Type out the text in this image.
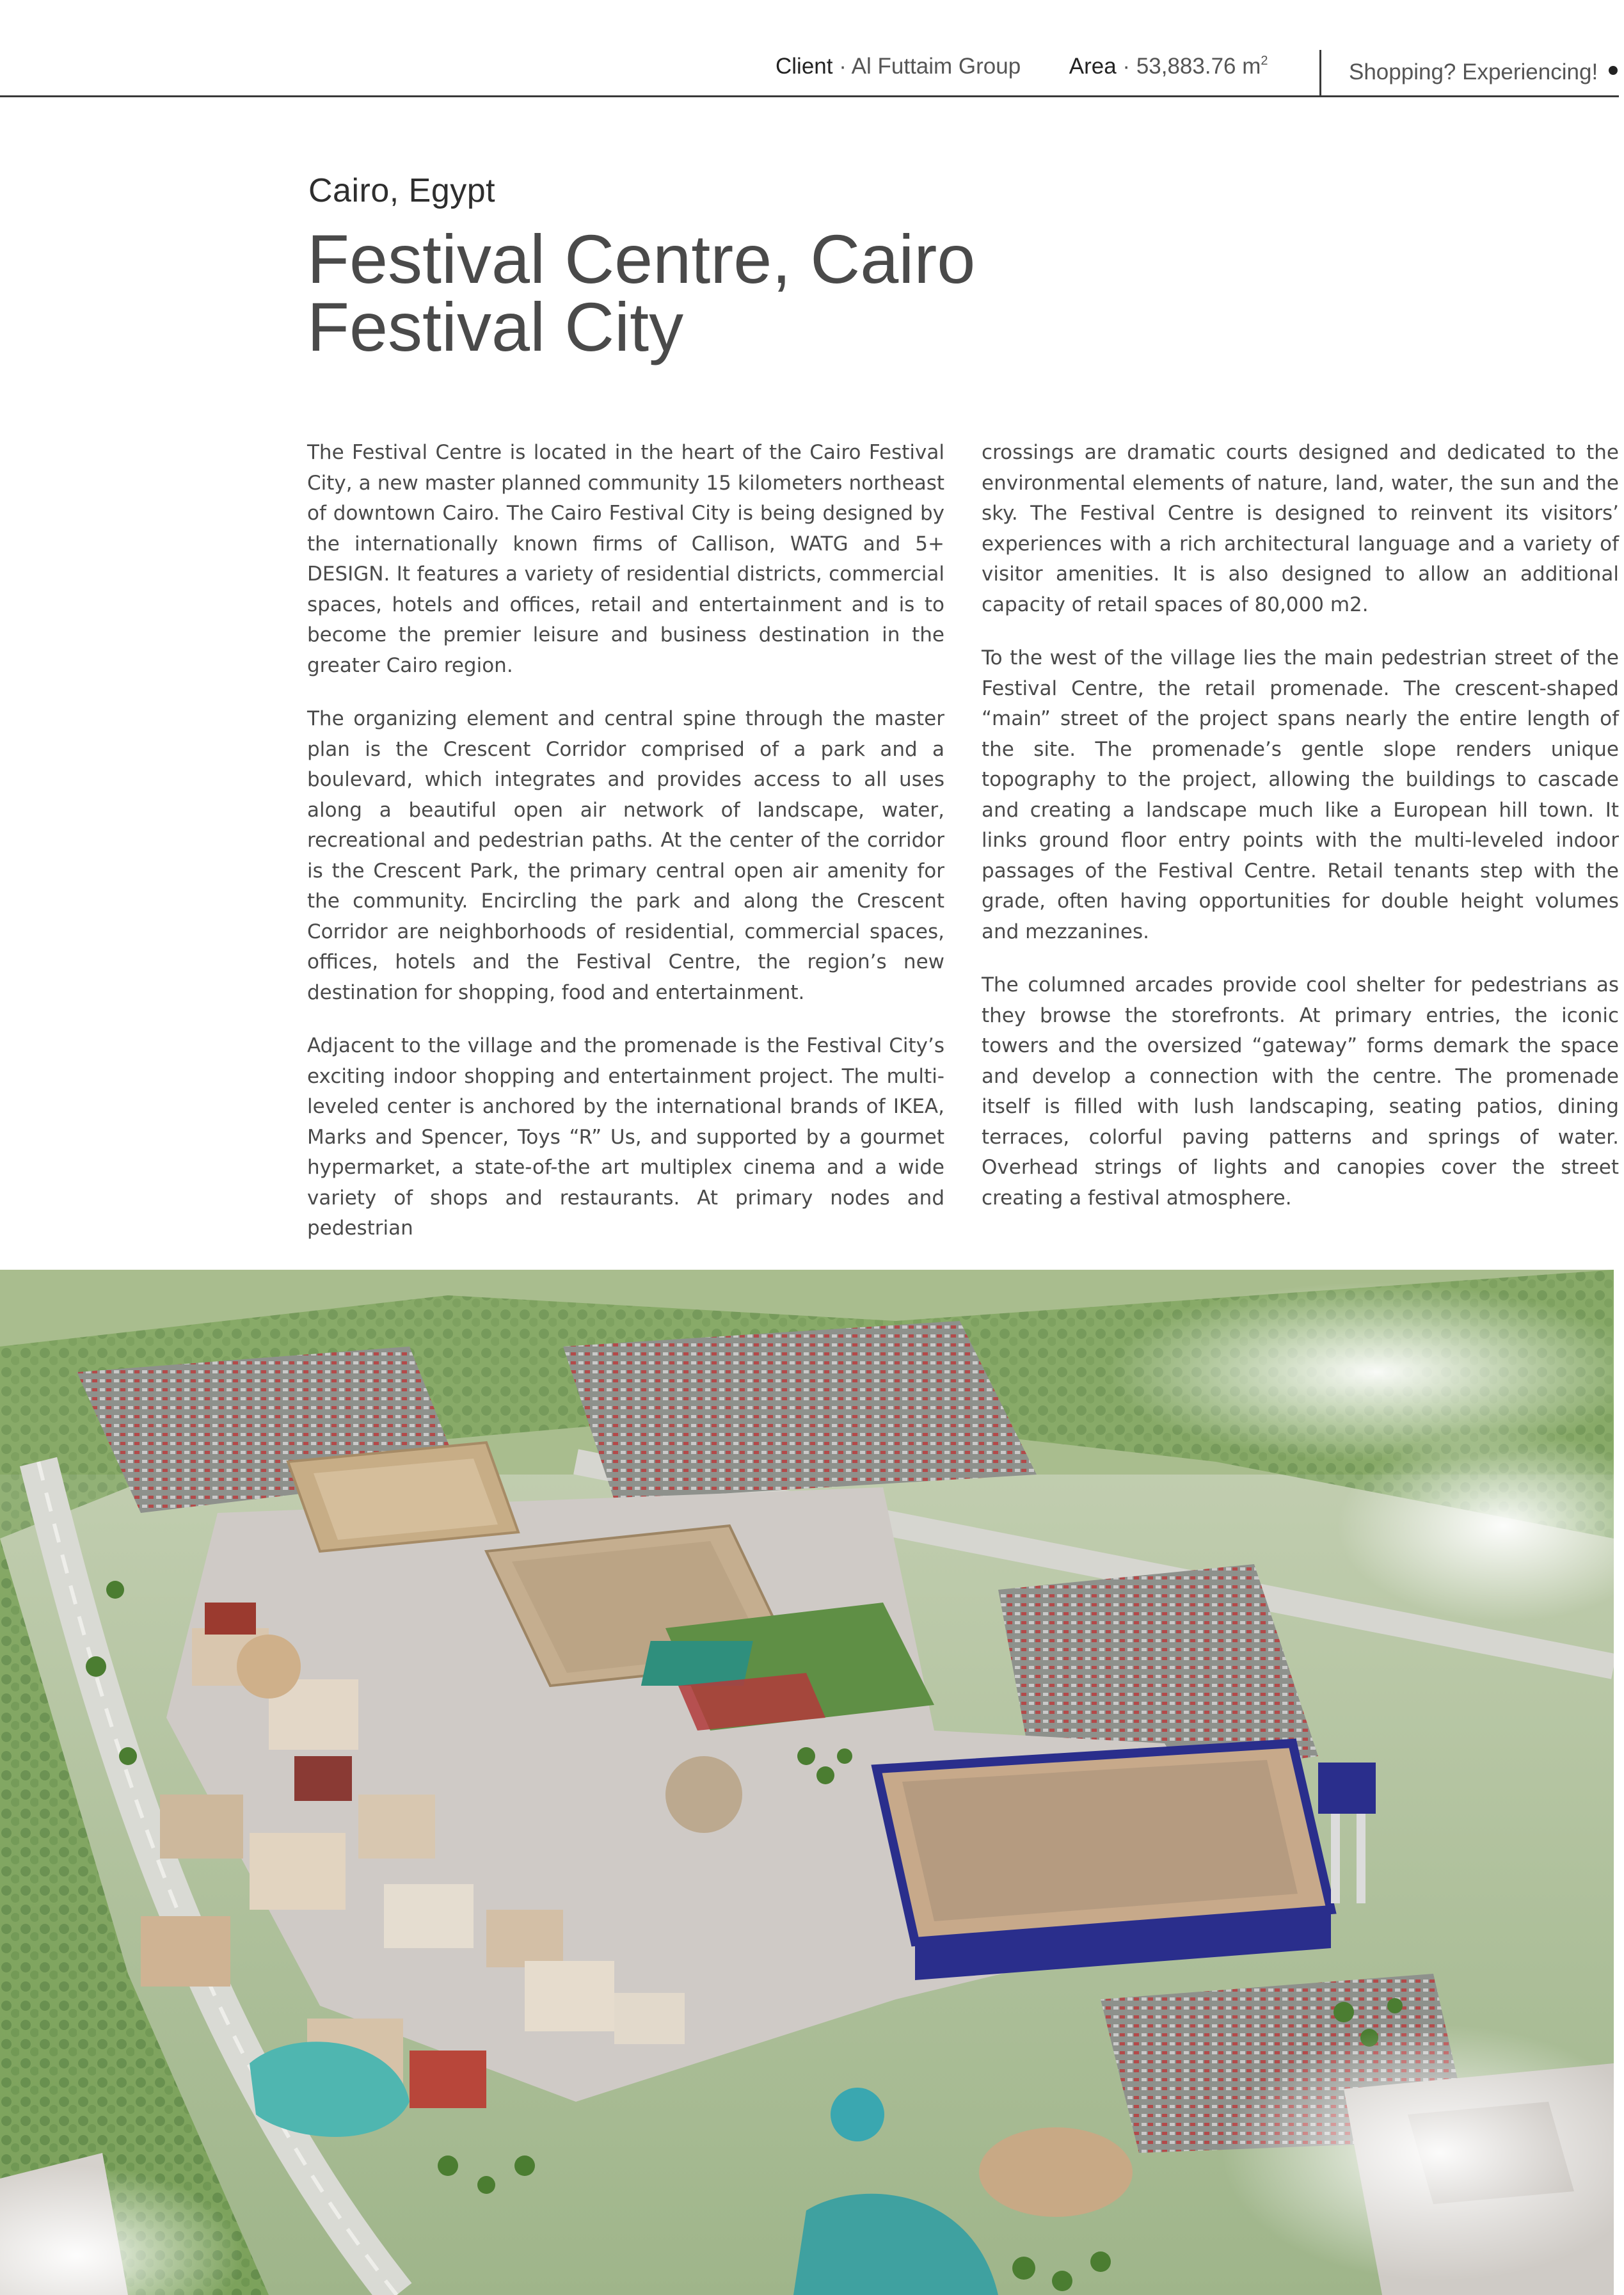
Client · Al Futtaim Group Area · 53,883.76 $m^2$	Shopping? Experiencing!
Cairo, Egypt
Festival Centre, Cairo
Festival City

The Festival Centre is located in the heart of the Cairo Festival City, a new master planned community 15 kilometers northeast of downtown Cairo. The Cairo Festival City is being designed by the internationally known firms of Callison, WATG and 5+ DESIGN. It features a variety of residential districts, commercial spaces, hotels and offices, retail and entertainment and is to become the premier leisure and business destination in the greater Cairo region.

The organizing element and central spine through the master plan is the Crescent Corridor comprised of a park and a boulevard, which integrates and provides access to all uses along a beautiful open air network of landscape, water, recreational and pedestrian paths. At the center of the corridor is the Crescent Park, the primary central open air amenity for the community. Encircling the park and along the Crescent Corridor are neighborhoods of residential, commercial spaces, offices, hotels and the Festival Centre, the region’s new destination for shopping, food and entertainment.

Adjacent to the village and the promenade is the Festival City’s exciting indoor shopping and entertainment project. The multi-leveled center is anchored by the international brands of IKEA, Marks and Spencer, Toys “R” Us, and supported by a gourmet hypermarket, a state-of-the art multiplex cinema and a wide variety of shops and restaurants. At primary nodes and pedestrian

crossings are dramatic courts designed and dedicated to the environmental elements of nature, land, water, the sun and the sky. The Festival Centre is designed to reinvent its visitors’ experiences with a rich architectural language and a variety of visitor amenities. It is also designed to allow an additional capacity of retail spaces of 80,000 m2.

To the west of the village lies the main pedestrian street of the Festival Centre, the retail promenade. The crescent-shaped “main” street of the project spans nearly the entire length of the site. The promenade’s gentle slope renders unique topography to the project, allowing the buildings to cascade and creating a landscape much like a European hill town. It links ground floor entry points with the multi-leveled indoor passages of the Festival Centre. Retail tenants step with the grade, often having opportunities for double height volumes and mezzanines.

The columned arcades provide cool shelter for pedestrians as they browse the storefronts. At primary entries, the iconic towers and the oversized “gateway” forms demark the space and develop a connection with the centre. The promenade itself is filled with lush landscaping, seating patios, dining terraces, colorful paving patterns and springs of water. Overhead strings of lights and canopies cover the street creating a festival atmosphere.
